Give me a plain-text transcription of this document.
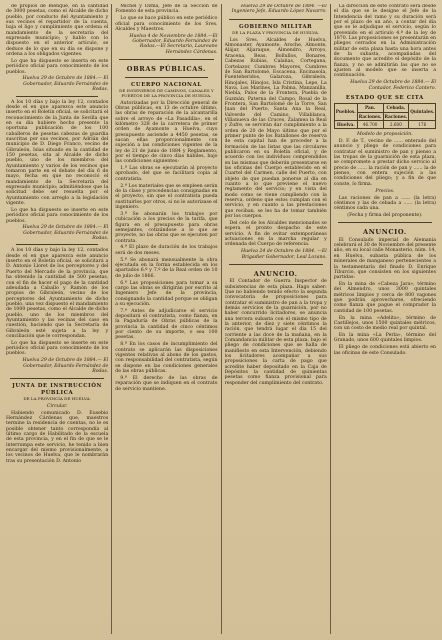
de propios de Bienque, en la cantidad de 3000 pesetas, como el Alcalde de dicho pueblo, por conducto del Ayuntamiento y sus vecinos el repartidor de la cuenta, baja el ligo y cumplimiento que ordena el mandamiento de la secretaría del expresado municipio; y hablo con lo dispuesto en el anterior artículo, se deduce de lo que en su día se dispone y ordena a los obligados vigentes.

Lo que ha dispuesto se inserta en este periódico oficial para conocimiento de los pueblos.

Huelva 29 de Octubre de 1884.— El Gobernador, Eduardo Fernández de Rodas.

A los 10 días y bajo la ley 12, contados desde el en que aparezca este anuncio inserto en el Boletín oficial, se solicitará el reconocimiento de la Junta de Sevilla que en su día hubiere hecho presente la oportuna publicación de los 100 caballeros de pesetas cabezas de guardia suscritas por sus vecinos, por Adrián del municipio de D. Diego Franco, vecino de Gibraleón, Islas situado en la cantidad de 150 pesetas, sita al Alcalde de dicho pueblo, uno de los miembros del Ayuntamiento y varios de los vecinos que tomaron parte en el debate del día 6 de mayo, fecha en que no reconoció el mandamiento de la Secretaría del expresado municipio; admitiéndose que la solicitud debe ser resuelta por el Ayuntamiento con arreglo a la legislación vigente.

Lo que ha dispuesto se inserte en este periódico oficial para conocimiento de los pueblos.

Huelva 29 de Octubre de 1884.— El Gobernador, Eduardo Fernández de Rodas.

A los 10 días y bajo la ley 12, contados desde el en que aparezca este anuncio inserto en el Boletín oficial, se solicitará a D. Antonio Lloret de los perceptores y del Puerto del Mercado de la provincia, que ha obtenido la cantidad de 500 pesetas, con el fin de hacer el pago de la cantidad adeudada a Caballo y Ramón de los propios de Gibraleón, vecino de los perceptores del Ayuntamiento de dicho pueblo, una vez dispuesto el mandamiento de 1000 pesetas, como el Alcalde de dicho pueblo, uno de los miembros del Ayuntamiento y las vecinas del caso en cuestión, haciendo que la Secretaría de Gibraleón esté sujeta a la ley y conciliación que le correspondan.

Lo que ha dispuesto se inserte en este periódico oficial para conocimiento de los pueblos.

Huelva 29 de Octubre de 1884.— El Gobernador, Eduardo Fernández de Rodas.

JUNTA DE INSTRUCCIÓN PÚBLICA

DE LA PROVINCIA DE HUELVA.

Circular.

Habiendo comunicado D. Eusebio Hernández Cárdenas que, maestros termine la residencia de cuentas, no le es posible obtener tanto correspondía al último cargo de Habilitado de la escuela de esta provincia, y en el fin de que se le interrumpa este servicio, he tenido a bien encargar del mismo provisionalmente, a los vecinos de Huelva, que le nombrarán tras su presentación D. Antonio

Michel y Ozma, Jefe de la Sección de Fomento de esta provincia.

Lo que se hace público en este periódico oficial para conocimiento de los Sres. Alcaldes y Maestros.

Huelva 4 de Noviembre de 1884.—El Gobernador, Eduardo Fernández de Rodas.—El Secretario, Laureano Hernández Cárdenas.

OBRAS PÚBLICAS.

CUERPO NACIONAL

DE INGENIEROS DE CAMINOS, CANALES Y PUERTOS DE LA PROVINCIA DE HUELVA.

Autorizadas por la Dirección general de Obras públicas, en 13 de octubre último, las obras de reparación de la alcantarilla sobre el arroyo de «La Pasadilla», en el kilómetro 328 de la carretera de primer orden de Ayamonte a Huelva, cuyo presupuesto asciende a 4450 pesetas, se sacan ellas proporcionalmente con sujeción a las condiciones vigentes de la ley de 21 de junio de 1884 y Reglamento, por el tiempo de cinco días hábiles, bajo las condiciones siguientes:

1.ª Las obras se ejecutarán al proyecto aprobado, del que se facilitará copia al contratista.

2.ª Los materiales que se empleen serán de la clase y procedencias consignadas en el proyecto, sin que el contratista pueda sustituirlos por otros, si no le autorizase el ingeniero.

3.ª Se abonarán los trabajos por cubicación a los precios de la tarifa, que figura en el presupuesto para obras semejantes, cotizándose a lo que se proyecte, no las obras que se ejecuten por contrata.

4.ª El plazo de duración de los trabajos será de dos meses.

5.ª Se abonará mensualmente la obra ejecutada en la forma establecida en los apartados 6.º y 7.º de la Real orden de 10 de julio de 1866.

6.ª Las proposiciones para tomar a su cargo las obras se dirigirán por escrito al Ingeniero Jefe de la provincia, consignando la cantidad porque se obligan a su ejecución.

7.ª Antes de adjudicarse el servicio depositará el contratista, como fianza, en la Pagaduría de Obras públicas de la provincia la cantidad de cinco céntimos por ciento de su importe, o sea 100 pesetas.

8.ª En los casos de incumplimiento del contrato se aplicarán las disposiciones vigentes relativas al abono de los gastos, con responsabilidad del contratista, según se dispone en las condiciones generales de las obras públicas.

9.ª El derecho de las obras de reparación que se indiquen en el contrato de servicio mantiene.

Huelva 29 de Octubre de 1884. —El Ingeniero Jefe, Eduardo López Navarro.

GOBIERNO MILITAR

DE LA PLAZA Y PROVINCIA DE HUELVA.

Los Sres. Alcaldes de Huelva, Almonaster, Ayamonte, Aroche, Almonte, Alájar, Aljaraque, Almendro, Arroyo, Aracena, Beas, Bollullos, Bonares, Cabezas Rubias, Calañas, Cortegana, Cortelazor, Cumbres Mayores, Cumbres de San Bartolomé, Escacena, Encinasola, Fuenteheridos, Galaroza, Gibraleón, Hinojales, Hinojos, Isla Cristina, Lepe, La Nava, Los Marines, La Palma, Manzanilla, Niebla, Palos de la Frontera, Puebla de Guzmán, Paterna del Campo, Rosal de la Frontera, San Bartolomé de la Torre, San Juan del Puerto, Santa Ana la Real, Valverde del Camino, Villablanca, Villanueva de las Cruces, Zalamea la Real y Zufre, se servirán dar cumplimiento a la orden de 20 de Mayo último que por el primer punto de los Batallones de reserva de esta capital han de proceder a la formación de las listas que las circulares publicaron en su Boletín oficial, y de acuerdo con los individuos comprendidos en las mismas que deberán presentarse en las oficinas del Cuerpo establecido en el Cuartel del Carmen, calle del Puerto, con objeto de que puedan ponerse al día en cuanto a lo que previene el nuevo reglamento del servicio; y en vista del modo como se viene cumpliendo con la reserva, ordeno que estos cumplan con el servicio, y en cuanto a las prestaciones que reciban, se les ha de tomar también por los cuerpos.

Del celo de los Alcaldes mencionados se espera el pronto despacho de este servicio. A fin de evitar extemporáneas actuaciones en la marcha regular y ordenada del Cuerpo de referencia.

Huelva 24 de Octubre de 1884. —El Brigadier Gobernador, Leal Lozano.

ANUNCIO.

El Contador de Guerra Inspector de subsistencias de esta plaza. Hago saber: Que no habiendo tenido efecto la segunda convocatoria de proposiciones para contratar el suministro de pan a la tropa y demás servicios de la guarnición, por no haber concurrido licitadores, se anuncia una tercera subasta con el mismo tipo de la anterior, de diez y siete céntimos la ración, que tendrá lugar el día 15 del corriente a las doce de la mañana, en la Comandancia militar de esta plaza, bajo el pliego de condiciones que se halla de manifiesto en esta Intervención, debiendo los licitadores acompañar a sus proposiciones la carta de pago que acredite haber depositado en la Caja de Depósitos la cantidad de quinientas pesetas como fianza provisional para responder del cumplimiento del contrato.

La dirección de este contrato será desde el día que se le designe el Jefe de la Intendencia del ramo y su duración será por el plazo de un año, a contar del día que se le adjudique el servicio, según lo prevenido en el artículo 4.º de la ley de 1870. Las proposiciones se presentarán en pliegos cerrados en la Administración militar de esta plaza hasta una hora antes de la subasta, acompañadas del documento que acredite el depósito de la fianza, y no se admitirán las que no se ajusten al modelo que se inserta a continuación.

Huelva 29 de Octubre de 1884.— El Contador, Federico Cantero.

ESTADO QUE SE CITA

Pueblos.	Pan.	Cebada.	Quintales.
	Raciones.	Raciones.	
Huelva.	46.700	2.600	176

Modelo de proposición.

D. F. de T., vecino de ...... enterado del anuncio y pliego de condiciones para contratar el suministro de pan y pienso a las tropas de la guarnición de esta plaza, se compromete a prestar dicho servicio al precio de ...... la ración de pan y ...... la de pienso, con entera sujeción a las condiciones del pliego; y a fin de que conste, lo firma.

Precios.

Las raciones de pan a ...... (la letra) céntimos y las de cebada a ...... (la letra) céntimos cada una.

(Fecha y firma del proponente).

ANUNCIO.

El Consulado imperial de Alemania celebrará el 30 de Noviembre del presente año, en su local calle Monasterio, núm. 14, en Huelva, subasta pública de los minerales de manganeso pertenecientes a la testamentaría del finado D. Enrique Tiburcio, que consisten en los siguientes partidas:

En la mina de «Cabeza Jara», término del Almendro, unos 3000 quintales métricos limpios y cerca de 800 vagones que podrán aprovecharse, ofreciendo como fianza que pague el comprador la cantidad de 100 pesetas.

En la mina «Adelita», término de Castillejos, unos 1500 quintales métricos, con un costo de medio real por quintal.

En la mina «La Perla», término del Granado, unos 600 quintales limpios.

El pliego de condiciones está abierto en las oficinas de este Consulado.
